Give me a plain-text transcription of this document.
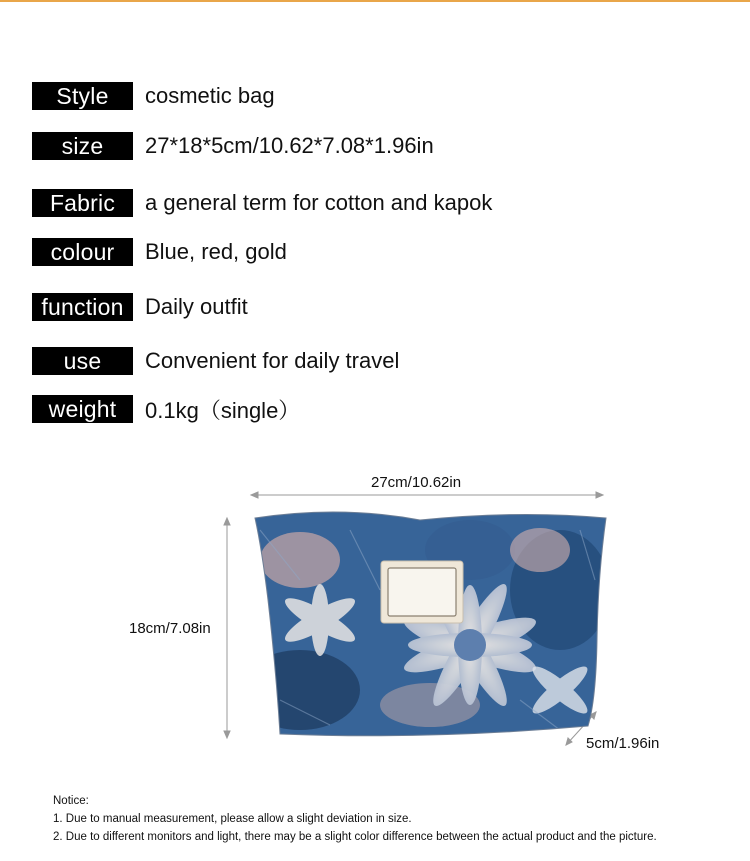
Style	cosmetic bag
size	27*18*5cm/10.62*7.08*1.96in
Fabric	a general term for cotton and kapok
colour	Blue, red, gold
function Daily outfit
use	Convenient for daily travel
weight	0.1kg（single）
27cm/10.62in
18cm/7.08in
5cm/1.96in
Notice:
1. Due to manual measurement, please allow a slight deviation in size.
2. Due to different monitors and light, there may be a slight color difference between the actual product and the picture.
